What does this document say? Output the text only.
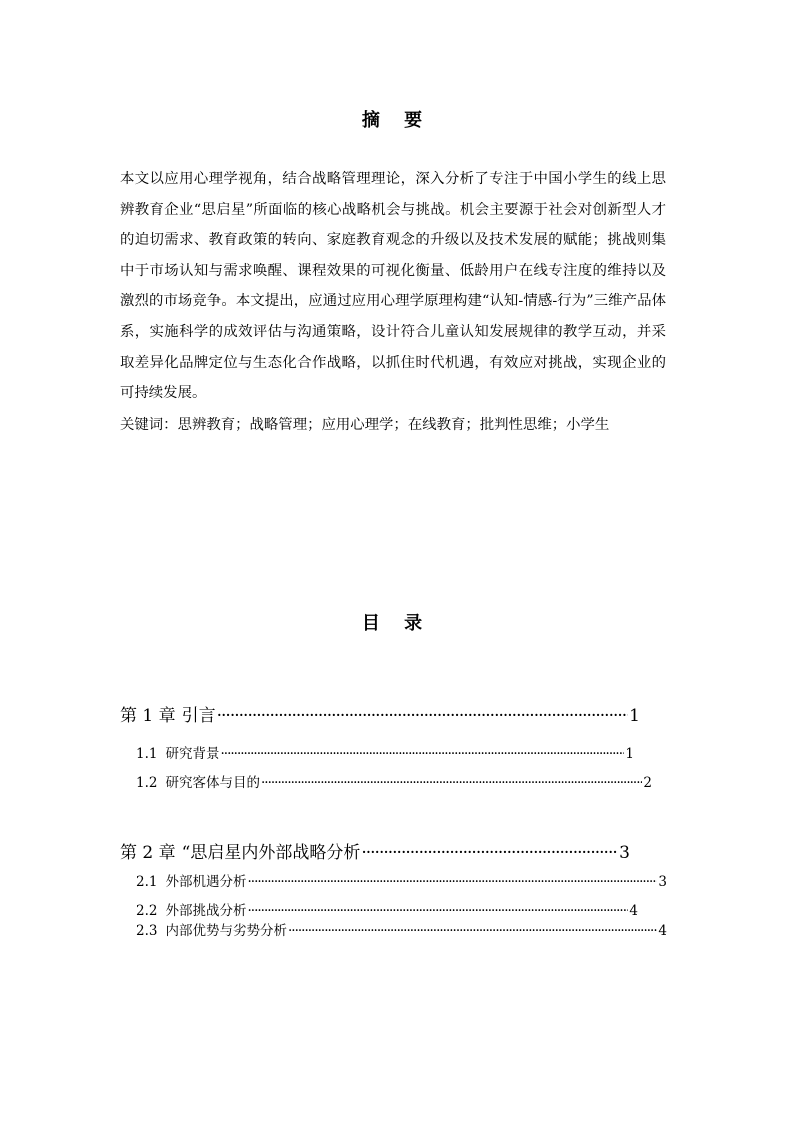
摘 要
本文以应用心理学视角，结合战略管理理论，深入分析了专注于中国小学生的线上思辨教育企业“思启星”所面临的核心战略机会与挑战。机会主要源于社会对创新型人才的迫切需求、教育政策的转向、家庭教育观念的升级以及技术发展的赋能；挑战则集中于市场认知与需求唤醒、课程效果的可视化衡量、低龄用户在线专注度的维持以及激烈的市场竞争。本文提出，应通过应用心理学原理构建“认知-情感-行为”三维产品体系，实施科学的成效评估与沟通策略，设计符合儿童认知发展规律的教学互动，并采取差异化品牌定位与生态化合作战略，以抓住时代机遇，有效应对挑战，实现企业的可持续发展。
关键词：思辨教育；战略管理；应用心理学；在线教育；批判性思维；小学生
目 录
第 1 章 引言 ·····	1
1.1 研究背景 ·····	1
1.2 研究客体与目的 ·····	2
第 2 章 “思启星内外部战略分析 ·····	3
2.1 外部机遇分析 ·····	3
2.2 外部挑战分析 ·····	4
2.3 内部优势与劣势分析 ·····	4
